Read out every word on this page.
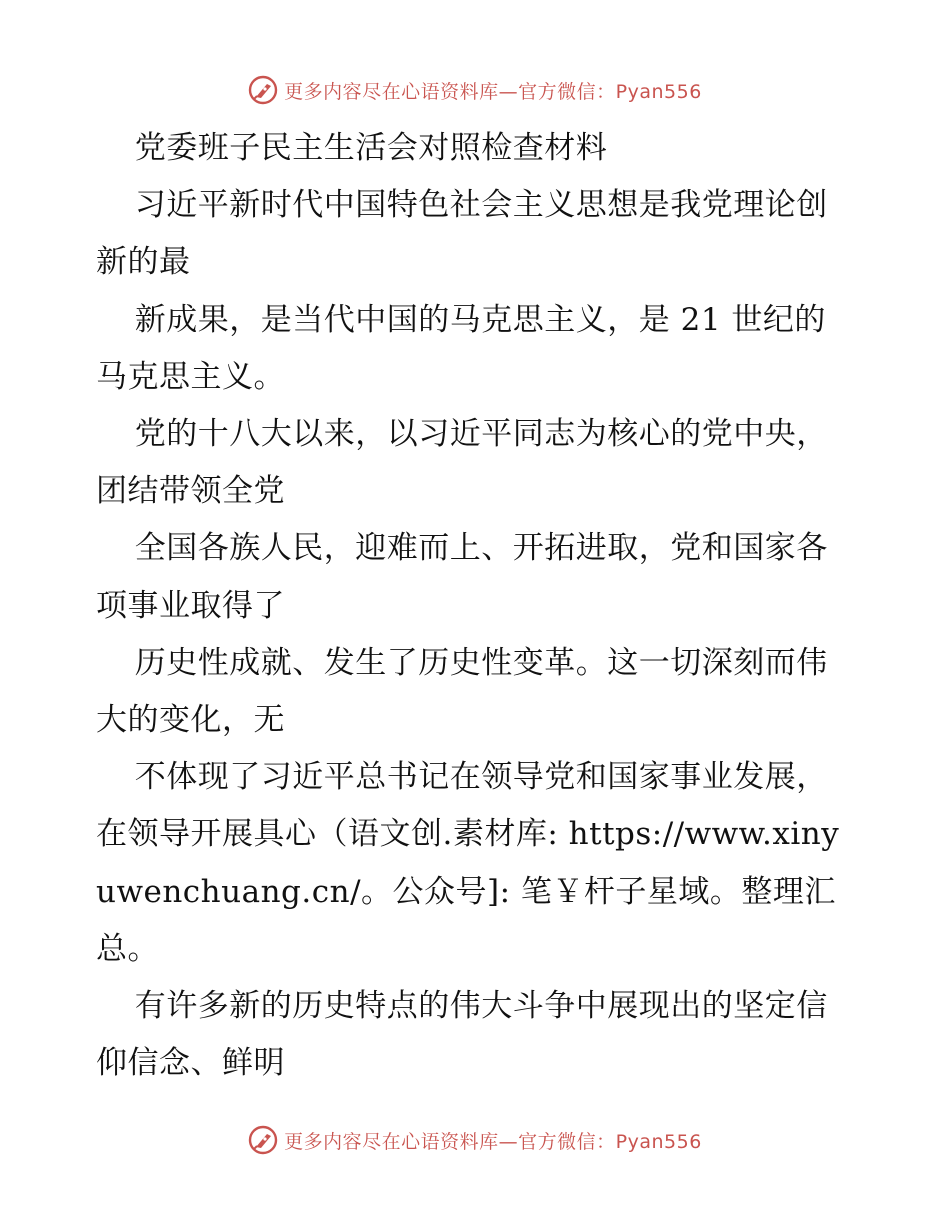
更多内容尽在心语资料库—官方微信：Pyan556

党委班子民主生活会对照检查材料

习近平新时代中国特色社会主义思想是我党理论创新的最

新成果，是当代中国的马克思主义，是 21 世纪的马克思主义。

党的十八大以来，以习近平同志为核心的党中央，团结带领全党

全国各族人民，迎难而上、开拓进取，党和国家各项事业取得了

历史性成就、发生了历史性变革。这一切深刻而伟大的变化，无

不体现了习近平总书记在领导党和国家事业发展，在领导开展具心（语文创.素材库: https://www.xinyuwenchuang.cn/。公众号]: 笔￥杆子星域。整理汇总。

有许多新的历史特点的伟大斗争中展现出的坚定信仰信念、鲜明

更多内容尽在心语资料库—官方微信：Pyan556
